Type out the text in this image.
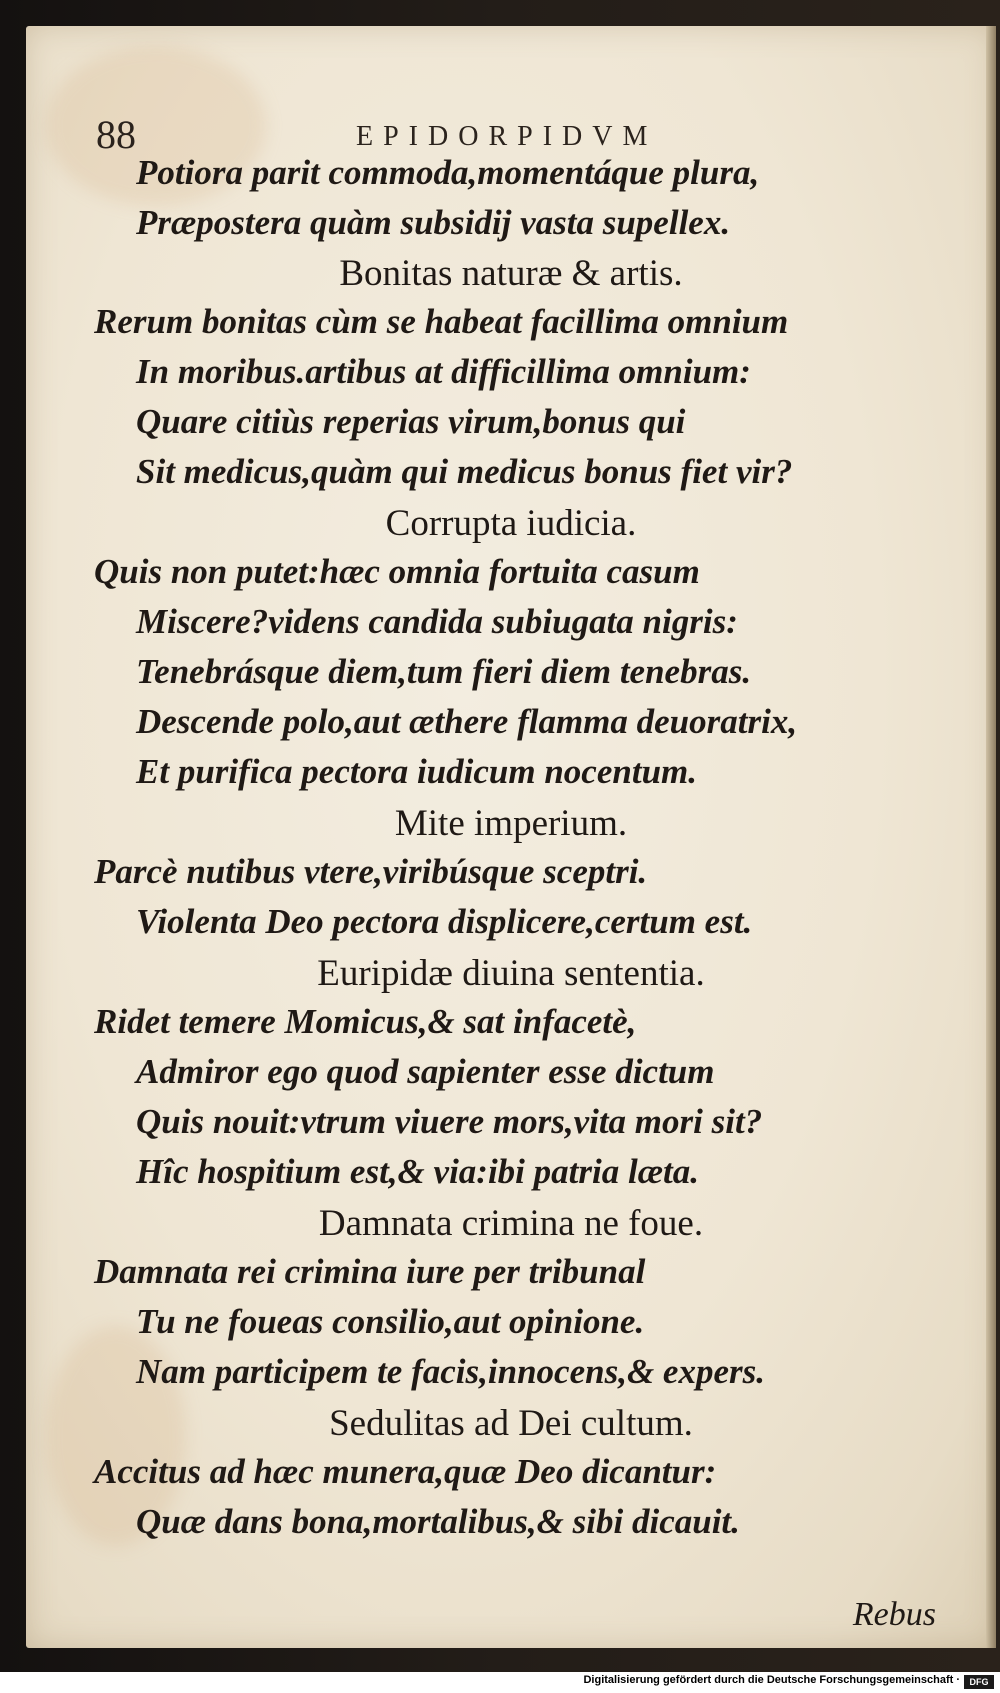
88	EPIDORPIDVM
Potiora parit commoda,momentáque plura,
Præpostera quàm subsidij vasta supellex.
Bonitas naturæ & artis.
Rerum bonitas cùm se habeat facillima omnium
In moribus.artibus at difficillima omnium:
Quare citiùs reperias virum,bonus qui
Sit medicus,quàm qui medicus bonus fiet vir?
Corrupta iudicia.
Quis non putet:hæc omnia fortuita casum
Miscere?videns candida subiugata nigris:
Tenebrásque diem,tum fieri diem tenebras.
Descende polo,aut æthere flamma deuoratrix,
Et purifica pectora iudicum nocentum.
Mite imperium.
Parcè nutibus vtere,viribúsque sceptri.
Violenta Deo pectora displicere,certum est.
Euripidæ diuina sententia.
Ridet temere Momicus,& sat infacetè,
Admiror ego quod sapienter esse dictum
Quis nouit:vtrum viuere mors,vita mori sit?
Hîc hospitium est,& via:ibi patria læta.
Damnata crimina ne foue.
Damnata rei crimina iure per tribunal
Tu ne foueas consilio,aut opinione.
Nam participem te facis,innocens,& expers.
Sedulitas ad Dei cultum.
Accitus ad hæc munera,quæ Deo dicantur:
Quæ dans bona,mortalibus,& sibi dicauit.
Rebus
Digitalisierung gefördert durch die Deutsche Forschungsgemeinschaft ·	DFG
